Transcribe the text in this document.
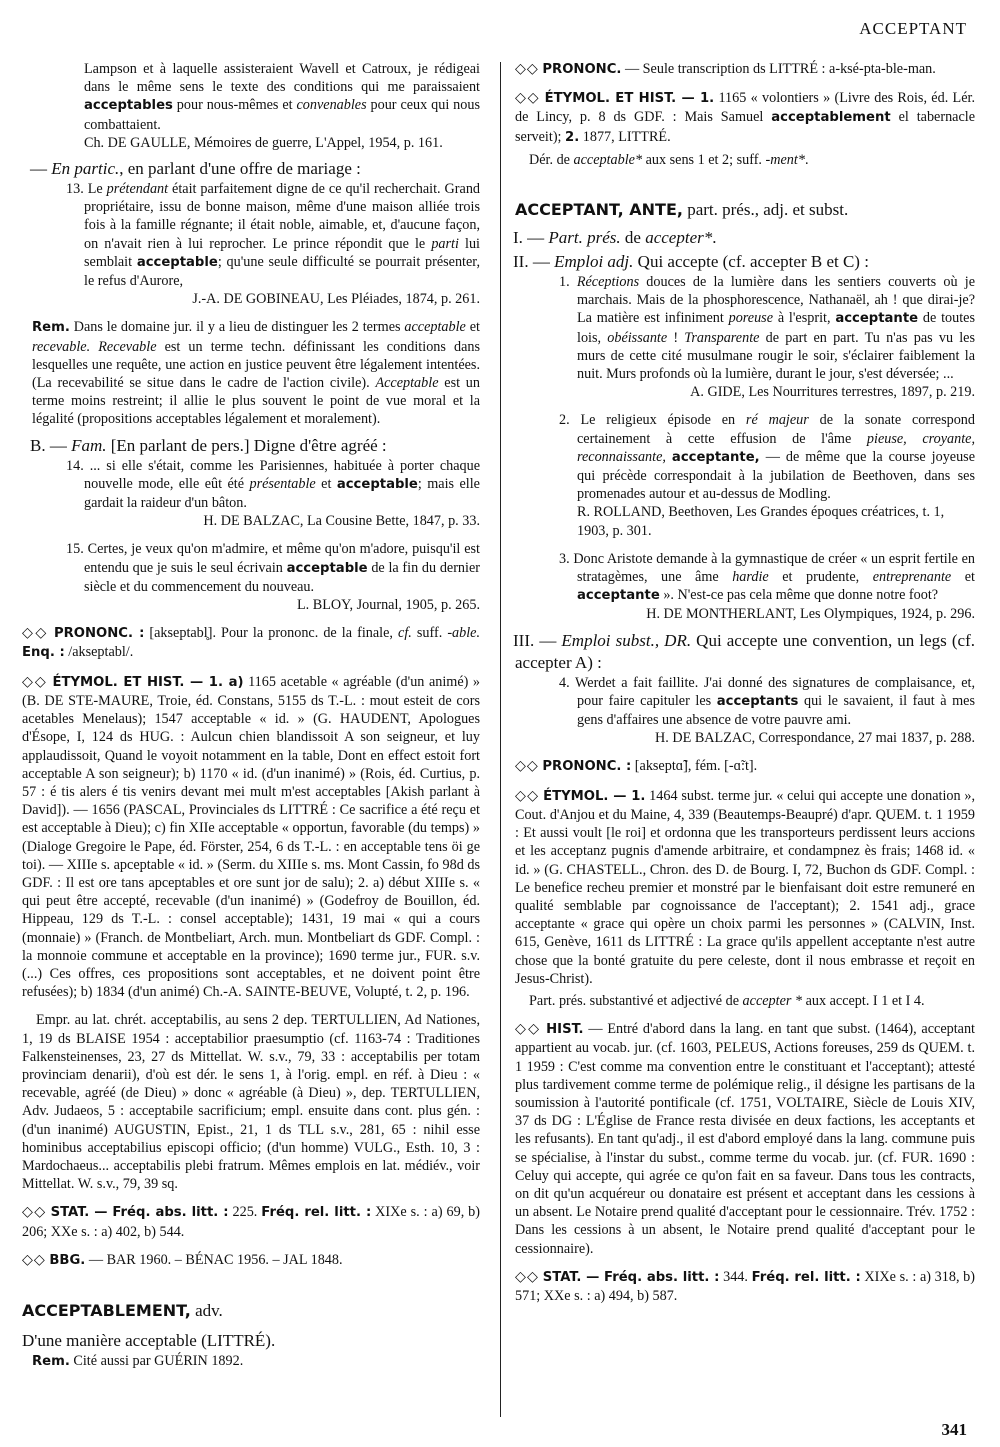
ACCEPTANT

Lampson et à laquelle assisteraient Wavell et Catroux, je rédigeai dans le même sens le texte des conditions qui me paraissaient acceptables pour nous-mêmes et convenables pour ceux qui nous combattaient.

Ch. DE GAULLE, Mémoires de guerre, L'Appel, 1954, p. 161.

— En partic., en parlant d'une offre de mariage :

13. Le prétendant était parfaitement digne de ce qu'il recherchait. Grand propriétaire, issu de bonne maison, même d'une maison alliée trois fois à la famille régnante; il était noble, aimable, et, d'aucune façon, on n'avait rien à lui reprocher. Le prince répondit que le parti lui semblait acceptable; qu'une seule difficulté se pourrait présenter, le refus d'Aurore,

J.-A. DE GOBINEAU, Les Pléiades, 1874, p. 261.

Rem. Dans le domaine jur. il y a lieu de distinguer les 2 termes acceptable et recevable. Recevable est un terme techn. définissant les conditions dans lesquelles une requête, une action en justice peuvent être légalement intentées. (La recevabilité se situe dans le cadre de l'action civile). Acceptable est un terme moins restreint; il allie le plus souvent le point de vue moral et la légalité (propositions acceptables légalement et moralement).

B. — Fam. [En parlant de pers.] Digne d'être agréé :

14. ... si elle s'était, comme les Parisiennes, habituée à porter chaque nouvelle mode, elle eût été présentable et acceptable; mais elle gardait la raideur d'un bâton.

H. DE BALZAC, La Cousine Bette, 1847, p. 33.

15. Certes, je veux qu'on m'admire, et même qu'on m'adore, puisqu'il est entendu que je suis le seul écrivain acceptable de la fin du dernier siècle et du commencement du nouveau.

L. BLOY, Journal, 1905, p. 265.

◇◇ PRONONC. : [akseptabl̥]. Pour la prononc. de la finale, cf. suff. -able. Enq. : /akseptabl/.

◇◇ ÉTYMOL. ET HIST. — 1. a) 1165 acetable « agréable (d'un animé) » (B. DE STE-MAURE, Troie, éd. Constans, 5155 ds T.-L. : mout esteit de cors acetables Menelaus); 1547 acceptable « id. » (G. HAUDENT, Apologues d'Ésope, I, 124 ds HUG. : Aulcun chien blandissoit A son seigneur, et luy applaudissoit, Quand le voyoit notamment en la table, Dont en effect estoit fort acceptable A son seigneur); b) 1170 « id. (d'un inanimé) » (Rois, éd. Curtius, p. 57 : é tis alers é tis venirs devant mei mult m'est acceptables [Akish parlant à David]). — 1656 (PASCAL, Provinciales ds LITTRÉ : Ce sacrifice a été reçu et est acceptable à Dieu); c) fin XIIe acceptable « opportun, favorable (du temps) » (Dialoge Gregoire le Pape, éd. Förster, 254, 6 ds T.-L. : en acceptable tens öi ge toi). — XIIIe s. apceptable « id. » (Serm. du XIIIe s. ms. Mont Cassin, fo 98d ds GDF. : Il est ore tans apceptables et ore sunt jor de salu); 2. a) début XIIIe s. « qui peut être accepté, recevable (d'un inanimé) » (Godefroy de Bouillon, éd. Hippeau, 129 ds T.-L. : consel acceptable); 1431, 19 mai « qui a cours (monnaie) » (Franch. de Montbeliart, Arch. mun. Montbeliart ds GDF. Compl. : la monnoie commune et acceptable en la province); 1690 terme jur., FUR. s.v. (...) Ces offres, ces propositions sont acceptables, et ne doivent point être refusées); b) 1834 (d'un animé) Ch.-A. SAINTE-BEUVE, Volupté, t. 2, p. 196.

Empr. au lat. chrét. acceptabilis, au sens 2 dep. TERTULLIEN, Ad Nationes, 1, 19 ds BLAISE 1954 : acceptabilior praesumptio (cf. 1163-74 : Traditiones Falkensteinenses, 23, 27 ds Mittellat. W. s.v., 79, 33 : acceptabilis per totam provinciam denarii), d'où est dér. le sens 1, à l'orig. empl. en réf. à Dieu : « recevable, agréé (de Dieu) » donc « agréable (à Dieu) », dep. TERTULLIEN, Adv. Judaeos, 5 : acceptabile sacrificium; empl. ensuite dans cont. plus gén. : (d'un inanimé) AUGUSTIN, Epist., 21, 1 ds TLL s.v., 281, 65 : nihil esse hominibus acceptabilius episcopi officio; (d'un homme) VULG., Esth. 10, 3 : Mardochaeus... acceptabilis plebi fratrum. Mêmes emplois en lat. médiév., voir Mittellat. W. s.v., 79, 39 sq.

◇◇ STAT. — Fréq. abs. litt. : 225. Fréq. rel. litt. : XIXe s. : a) 69, b) 206; XXe s. : a) 402, b) 544.

◇◇ BBG. — BAR 1960. – BÉNAC 1956. – JAL 1848.

ACCEPTABLEMENT, adv.

D'une manière acceptable (LITTRÉ).

Rem. Cité aussi par GUÉRIN 1892.

◇◇ PRONONC. — Seule transcription ds LITTRÉ : a-ksé-pta-ble-man.

◇◇ ÉTYMOL. ET HIST. — 1. 1165 « volontiers » (Livre des Rois, éd. Lér. de Lincy, p. 8 ds GDF. : Mais Samuel acceptablement el tabernacle serveit); 2. 1877, LITTRÉ.

Dér. de acceptable* aux sens 1 et 2; suff. -ment*.

ACCEPTANT, ANTE, part. prés., adj. et subst.

I. — Part. prés. de accepter*.

II. — Emploi adj. Qui accepte (cf. accepter B et C) :

1. Réceptions douces de la lumière dans les sentiers couverts où je marchais. Mais de la phosphorescence, Nathanaël, ah ! que dirai-je? La matière est infiniment poreuse à l'esprit, acceptante de toutes lois, obéissante ! Transparente de part en part. Tu n'as pas vu les murs de cette cité musulmane rougir le soir, s'éclairer faiblement la nuit. Murs profonds où la lumière, durant le jour, s'est déversée; ...

A. GIDE, Les Nourritures terrestres, 1897, p. 219.

2. Le religieux épisode en ré majeur de la sonate correspond certainement à cette effusion de l'âme pieuse, croyante, reconnaissante, acceptante, — de même que la course joyeuse qui précède correspondait à la jubilation de Beethoven, dans ses promenades autour et au-dessus de Modling.

R. ROLLAND, Beethoven, Les Grandes époques créatrices, t. 1, 1903, p. 301.

3. Donc Aristote demande à la gymnastique de créer « un esprit fertile en stratagèmes, une âme hardie et prudente, entreprenante et acceptante ». N'est-ce pas cela même que donne notre foot?

H. DE MONTHERLANT, Les Olympiques, 1924, p. 296.

III. — Emploi subst., DR. Qui accepte une convention, un legs (cf. accepter A) :

4. Werdet a fait faillite. J'ai donné des signatures de complaisance, et, pour faire capituler les acceptants qui le savaient, il faut à mes gens d'affaires une absence de votre pauvre ami.

H. DE BALZAC, Correspondance, 27 mai 1837, p. 288.

◇◇ PRONONC. : [akseptɑ̃], fém. [-ɑ̃:t].

◇◇ ÉTYMOL. — 1. 1464 subst. terme jur. « celui qui accepte une donation », Cout. d'Anjou et du Maine, 4, 339 (Beautemps-Beaupré) d'apr. QUEM. t. 1 1959 : Et aussi voult [le roi] et ordonna que les transporteurs perdissent leurs accions et les acceptanz pugnis d'amende arbitraire, et condampnez ès frais; 1468 id. « id. » (G. CHASTELL., Chron. des D. de Bourg. I, 72, Buchon ds GDF. Compl. : Le benefice recheu premier et monstré par le bienfaisant doit estre remuneré en qualité semblable par cognoissance de l'acceptant); 2. 1541 adj., grace acceptante « grace qui opère un choix parmi les personnes » (CALVIN, Inst. 615, Genève, 1611 ds LITTRÉ : La grace qu'ils appellent acceptante n'est autre chose que la bonté gratuite du pere celeste, dont il nous embrasse et reçoit en Jesus-Christ).

Part. prés. substantivé et adjectivé de accepter * aux accept. I 1 et I 4.

◇◇ HIST. — Entré d'abord dans la lang. en tant que subst. (1464), acceptant appartient au vocab. jur. (cf. 1603, PELEUS, Actions foreuses, 259 ds QUEM. t. 1 1959 : C'est comme ma convention entre le constituant et l'acceptant); attesté plus tardivement comme terme de polémique relig., il désigne les partisans de la soumission à l'autorité pontificale (cf. 1751, VOLTAIRE, Siècle de Louis XIV, 37 ds DG : L'Église de France resta divisée en deux factions, les acceptants et les refusants). En tant qu'adj., il est d'abord employé dans la lang. commune puis se spécialise, à l'instar du subst., comme terme du vocab. jur. (cf. FUR. 1690 : Celuy qui accepte, qui agrée ce qu'on fait en sa faveur. Dans tous les contracts, on dit qu'un acquéreur ou donataire est présent et acceptant dans les cessions à un absent. Le Notaire prend qualité d'acceptant pour le cessionnaire. Trév. 1752 : Dans les cessions à un absent, le Notaire prend qualité d'acceptant pour le cessionnaire).

◇◇ STAT. — Fréq. abs. litt. : 344. Fréq. rel. litt. : XIXe s. : a) 318, b) 571; XXe s. : a) 494, b) 587.

341
